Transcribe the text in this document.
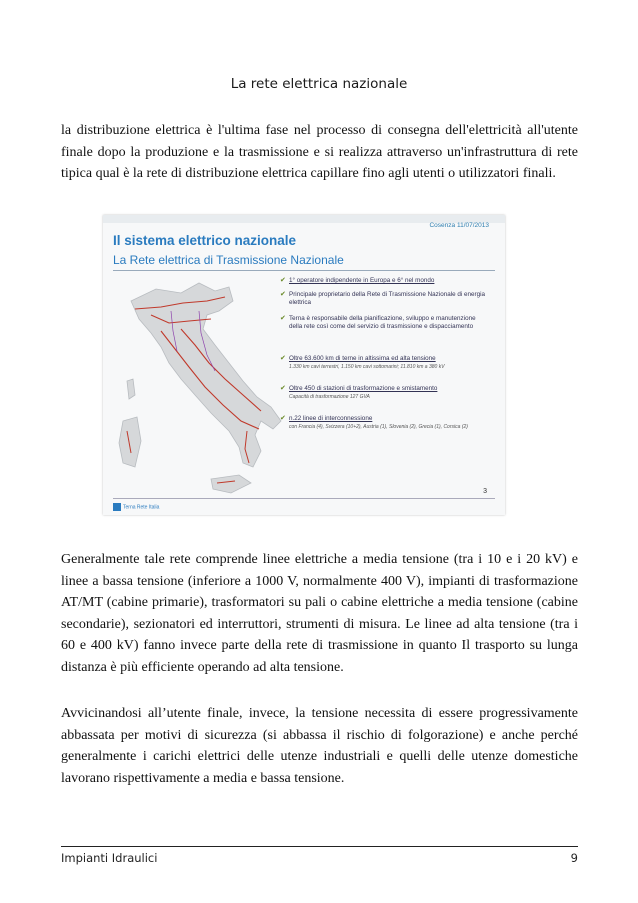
La rete elettrica nazionale

la distribuzione elettrica è l'ultima fase nel processo di consegna dell'elettricità all'utente finale dopo la produzione e la trasmissione e si realizza attraverso un'infrastruttura di rete tipica qual è la rete di distribuzione elettrica capillare fino agli utenti o utilizzatori finali.

Cosenza 11/07/2013
Il sistema elettrico nazionale
La Rete elettrica di Trasmissione Nazionale
✔ 1° operatore indipendente in Europa e 6° nel mondo
✔ Principale proprietario della Rete di Trasmissione Nazionale di energia elettrica
✔ Terna è responsabile della pianificazione, sviluppo e manutenzione della rete così come del servizio di trasmissione e dispacciamento
✔ Oltre 63.600 km di terne in altissima ed alta tensione
1.330 km cavi terrestri, 1.150 km cavi sottomarini; 11.810 km a 380 kV
✔ Oltre 450 di stazioni di trasformazione e smistamento
Capacità di trasformazione 127 GVA
✔ n.22 linee di interconnessione
con Francia (4), Svizzera (10+2), Austria (1), Slovenia (2), Grecia (1), Corsica (2)
3
Terna Rete Italia

Generalmente tale rete comprende linee elettriche a media tensione (tra i 10 e i 20 kV) e linee a bassa tensione (inferiore a 1000 V, normalmente 400 V), impianti di trasformazione AT/MT (cabine primarie), trasformatori su pali o cabine elettriche a media tensione (cabine secondarie), sezionatori ed interruttori, strumenti di misura. Le linee ad alta tensione (tra i 60 e 400 kV) fanno invece parte della rete di trasmissione in quanto Il trasporto su lunga distanza è più efficiente operando ad alta tensione.

Avvicinandosi all’utente finale, invece, la tensione necessita di essere progressivamente abbassata per motivi di sicurezza (si abbassa il rischio di folgorazione) e anche perché generalmente i carichi elettrici delle utenze industriali e quelli delle utenze domestiche lavorano rispettivamente a media e bassa tensione.

Impianti Idraulici	9
